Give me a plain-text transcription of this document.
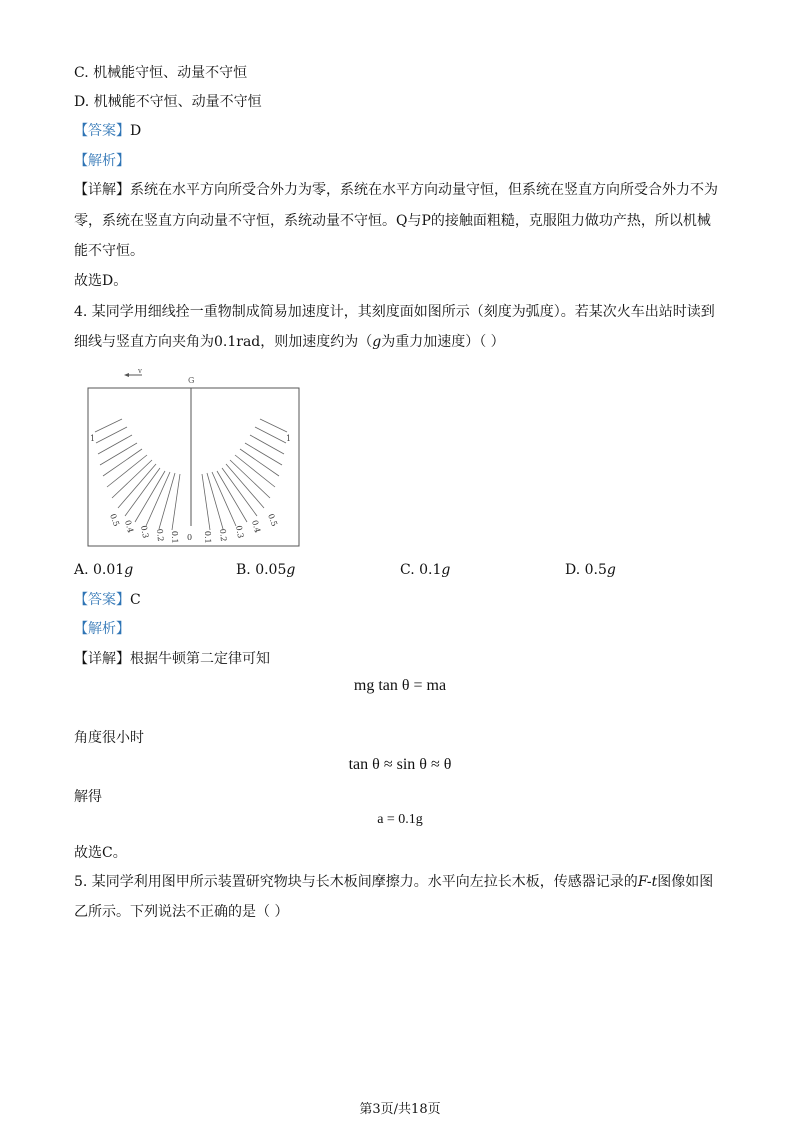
C. 机械能守恒、动量不守恒
D. 机械能不守恒、动量不守恒
【答案】D
【解析】
【详解】系统在水平方向所受合外力为零，系统在水平方向动量守恒，但系统在竖直方向所受合外力不为
零，系统在竖直方向动量不守恒，系统动量不守恒。Q与P的接触面粗糙，克服阻力做功产热，所以机械
能不守恒。
故选D。
4. 某同学用细线拴一重物制成简易加速度计，其刻度面如图所示（刻度为弧度）。若某次火车出站时读到
细线与竖直方向夹角为0.1rad，则加速度约为（g为重力加速度）（ ）
v
G
1	1
0.5 0.4 0.3 0.2 0.1 0 0.1 0.2 0.3 0.4 0.5
A. 0.01g	B. 0.05g	C. 0.1g	D. 0.5g
【答案】C
【解析】
【详解】根据牛顿第二定律可知
mg tan θ = ma
角度很小时
tan θ ≈ sin θ ≈ θ
解得
a = 0.1g
故选C。
5. 某同学利用图甲所示装置研究物块与长木板间摩擦力。水平向左拉长木板，传感器记录的F-t图像如图
乙所示。下列说法不正确的是（ ）
第3页/共18页
